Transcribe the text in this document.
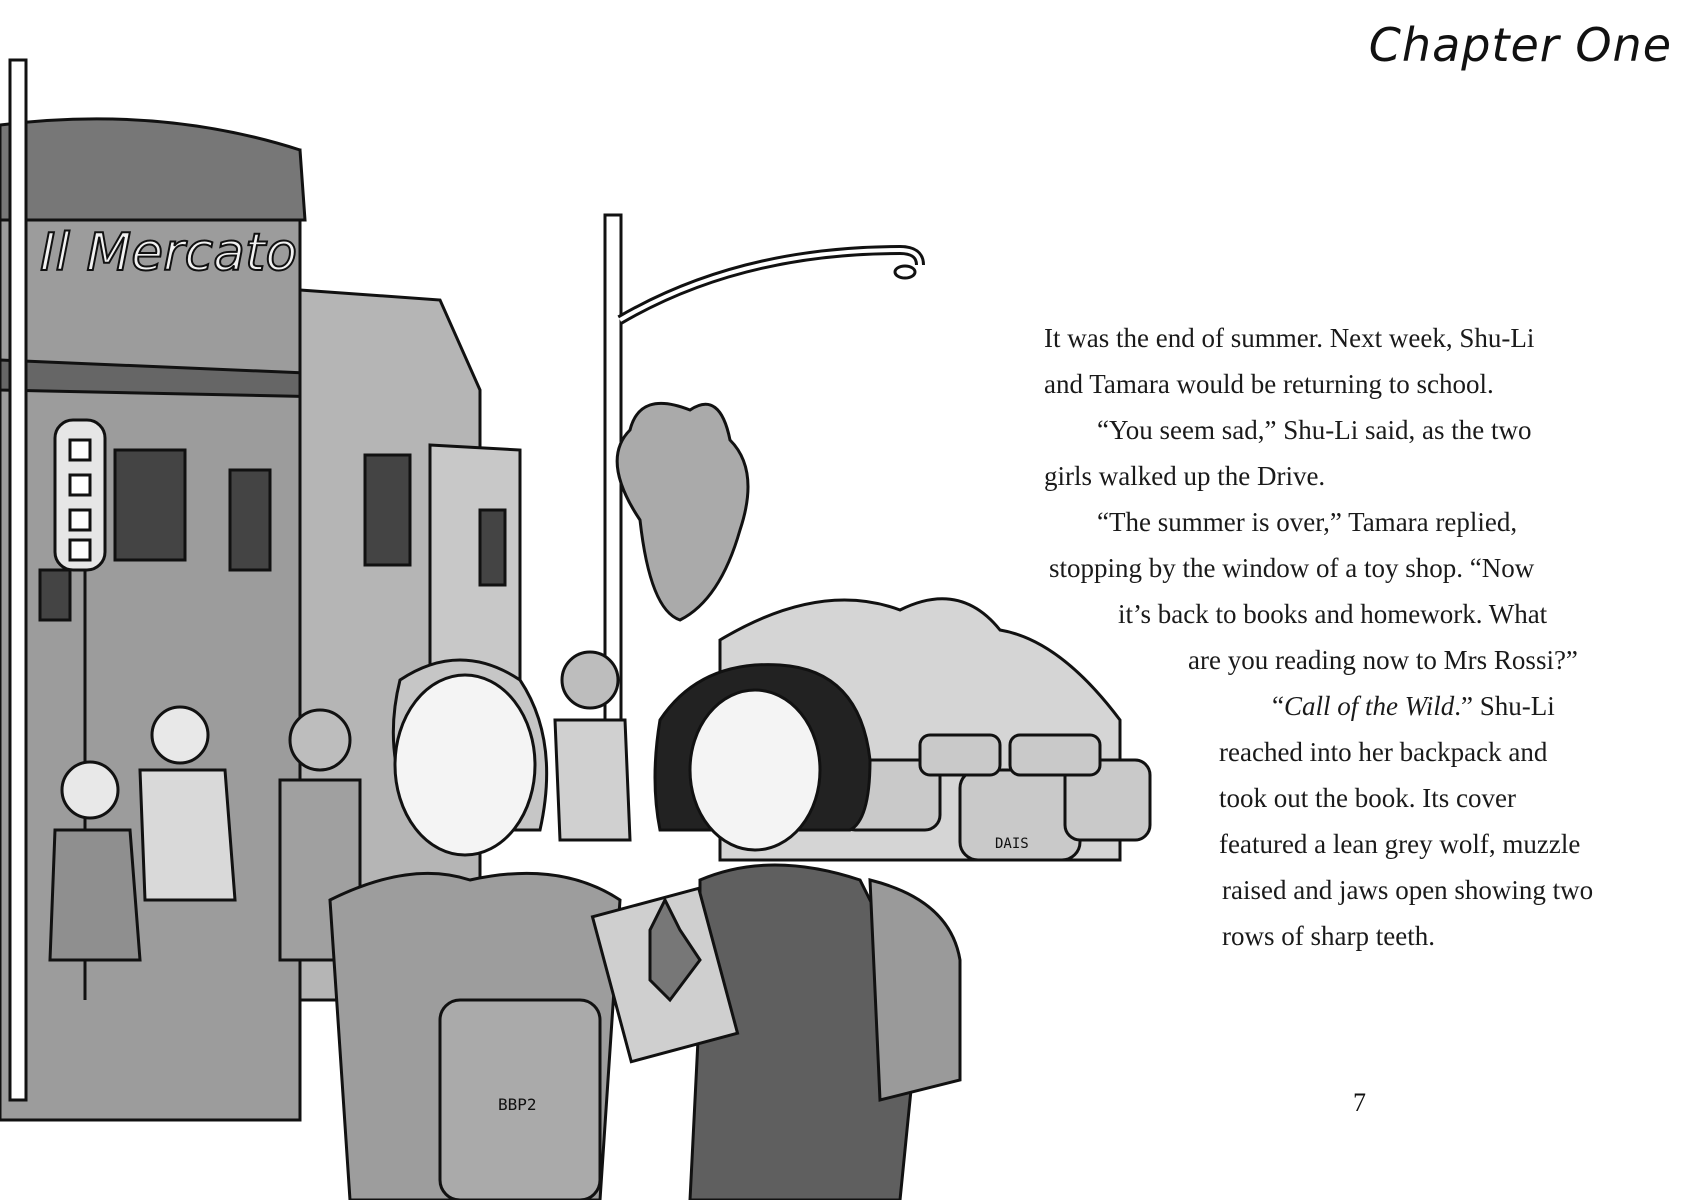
Il Mercato
DAIS
BBP2
Chapter One
It was the end of summer. Next week, Shu-Li
and Tamara would be returning to school.
“You seem sad,” Shu-Li said, as the two
girls walked up the Drive.
“The summer is over,” Tamara replied,
stopping by the window of a toy shop. “Now
it’s back to books and homework. What
are you reading now to Mrs Rossi?”
“Call of the Wild.” Shu-Li
reached into her backpack and
took out the book. Its cover
featured a lean grey wolf, muzzle
raised and jaws open showing two
rows of sharp teeth.
7
